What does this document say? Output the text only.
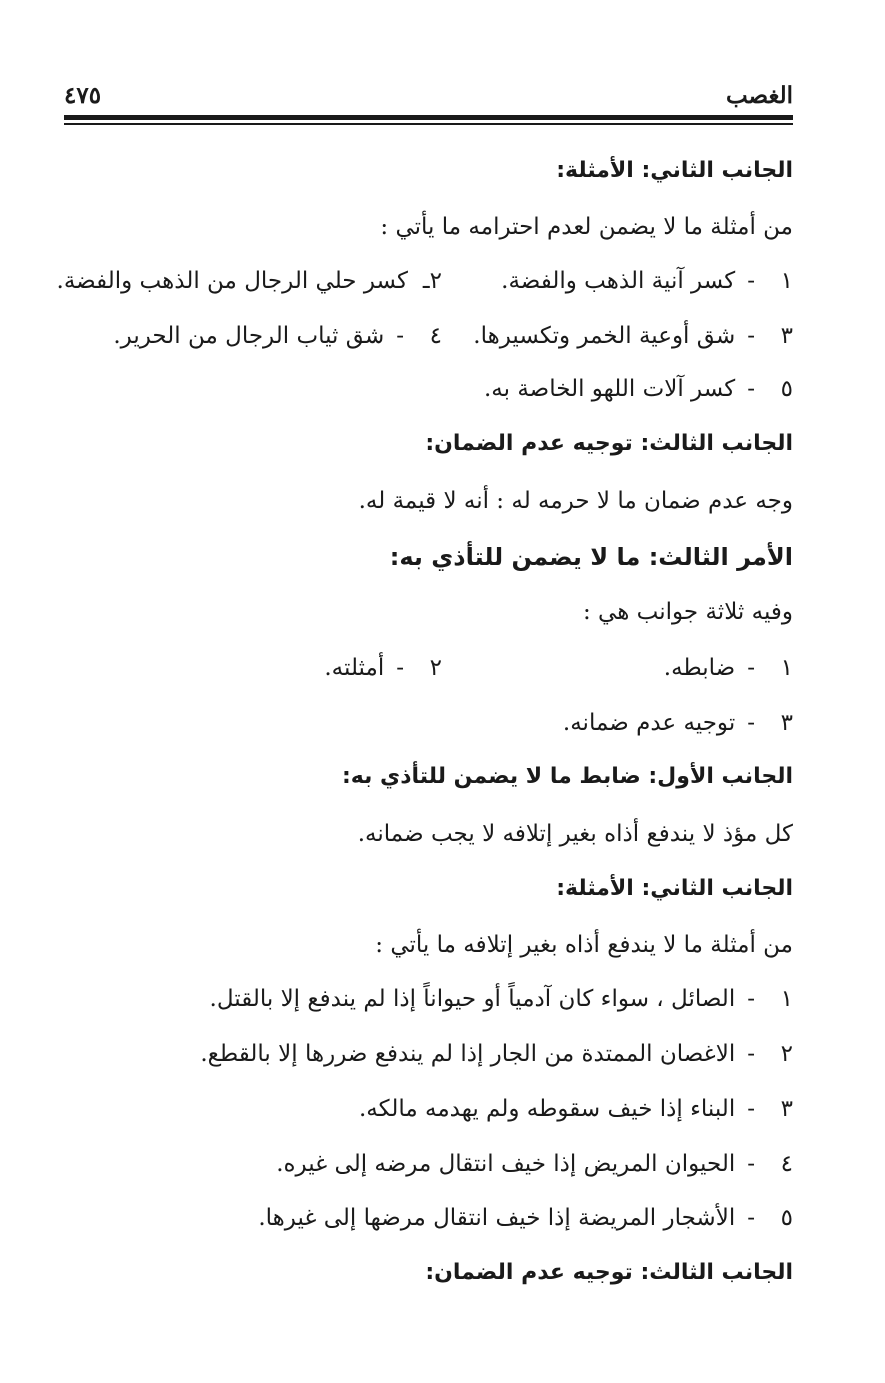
الغصب
٤٧٥
الجانب الثاني: الأمثلة:
من أمثلة ما لا يضمن لعدم احترامه ما يأتي :
١-كسر آنية الذهب والفضة.
٢ـكسر حلي الرجال من الذهب والفضة.
٣-شق أوعية الخمر وتكسيرها.
٤-شق ثياب الرجال من الحرير.
٥-كسر آلات اللهو الخاصة به.
الجانب الثالث: توجيه عدم الضمان:
وجه عدم ضمان ما لا حرمه له : أنه لا قيمة له.
الأمر الثالث: ما لا يضمن للتأذي به:
وفيه ثلاثة جوانب هي :
١-ضابطه.
٢-أمثلته.
٣-توجيه عدم ضمانه.
الجانب الأول: ضابط ما لا يضمن للتأذي به:
كل مؤذ لا يندفع أذاه بغير إتلافه لا يجب ضمانه.
الجانب الثاني: الأمثلة:
من أمثلة ما لا يندفع أذاه بغير إتلافه ما يأتي :
١-الصائل ، سواء كان آدمياً أو حيواناً إذا لم يندفع إلا بالقتل.
٢-الاغصان الممتدة من الجار إذا لم يندفع ضررها إلا بالقطع.
٣-البناء إذا خيف سقوطه ولم يهدمه مالكه.
٤-الحيوان المريض إذا خيف انتقال مرضه إلى غيره.
٥-الأشجار المريضة إذا خيف انتقال مرضها إلى غيرها.
الجانب الثالث: توجيه عدم الضمان:
